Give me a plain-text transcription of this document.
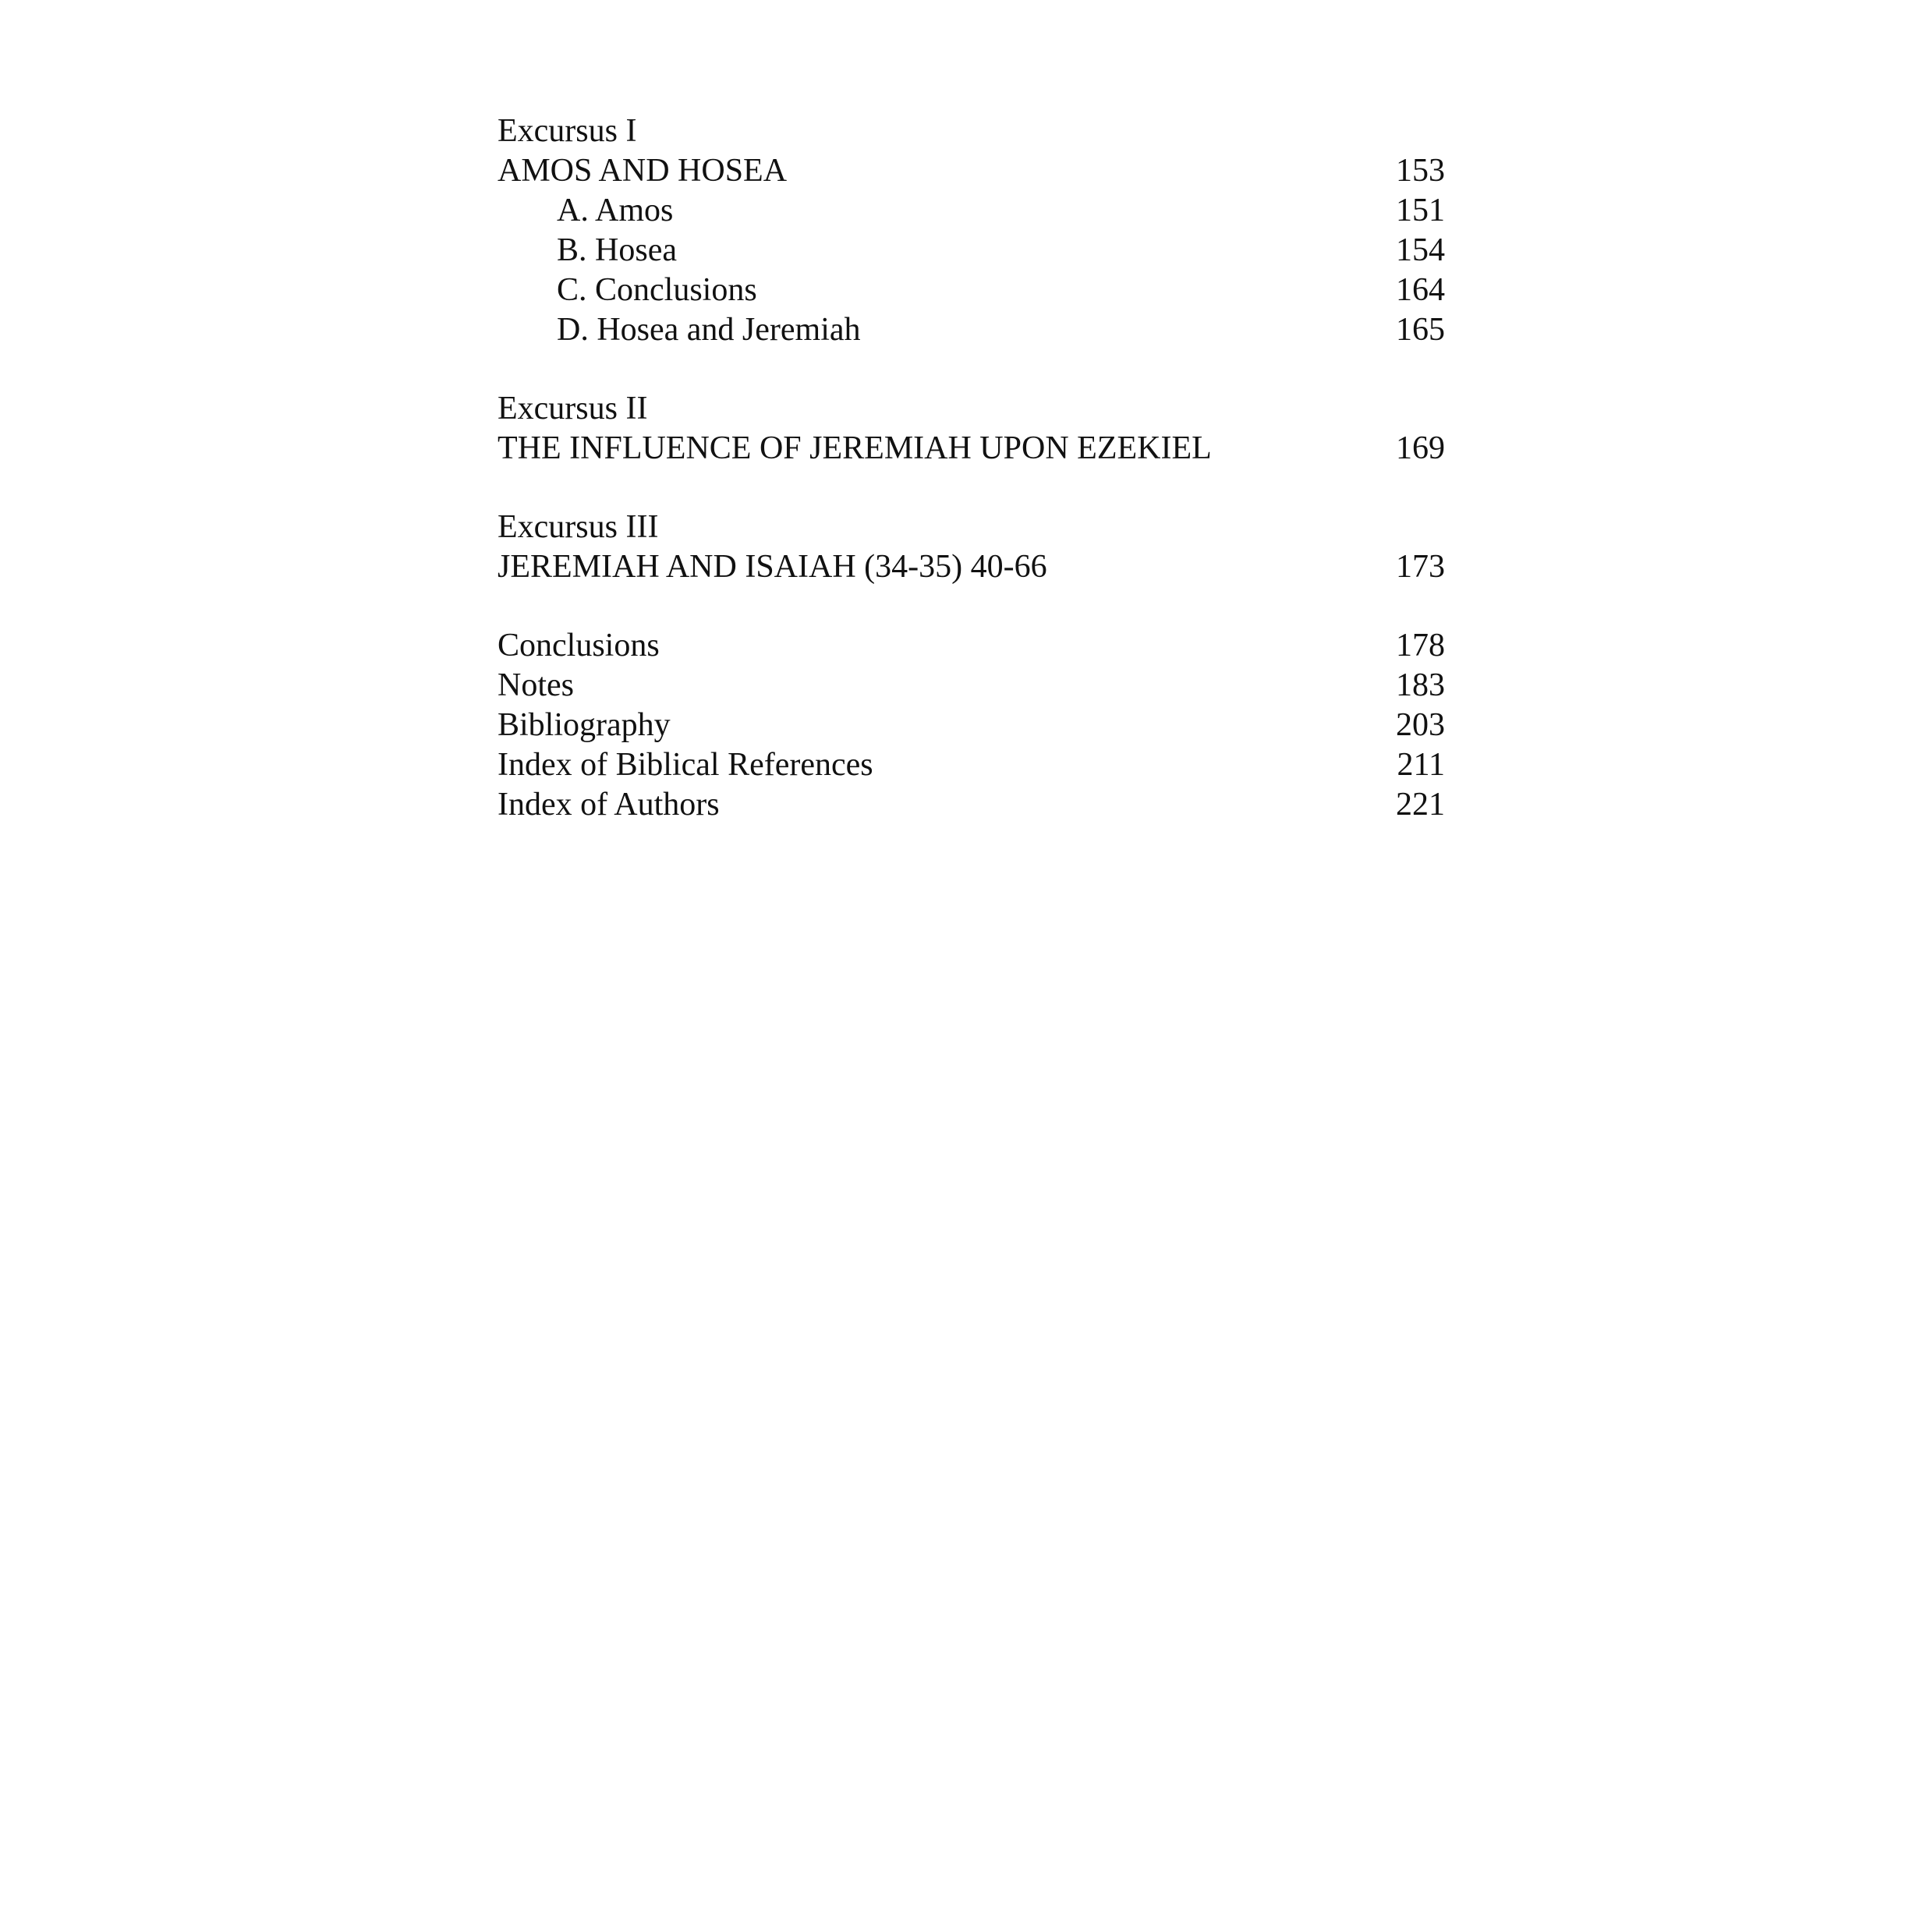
Excursus I
AMOS AND HOSEA	153
A. Amos	151
B. Hosea	154
C. Conclusions	164
D. Hosea and Jeremiah	165
Excursus II
THE INFLUENCE OF JEREMIAH UPON EZEKIEL	169
Excursus III
JEREMIAH AND ISAIAH (34-35) 40-66	173
Conclusions	178
Notes	183
Bibliography	203
Index of Biblical References	211
Index of Authors	221
